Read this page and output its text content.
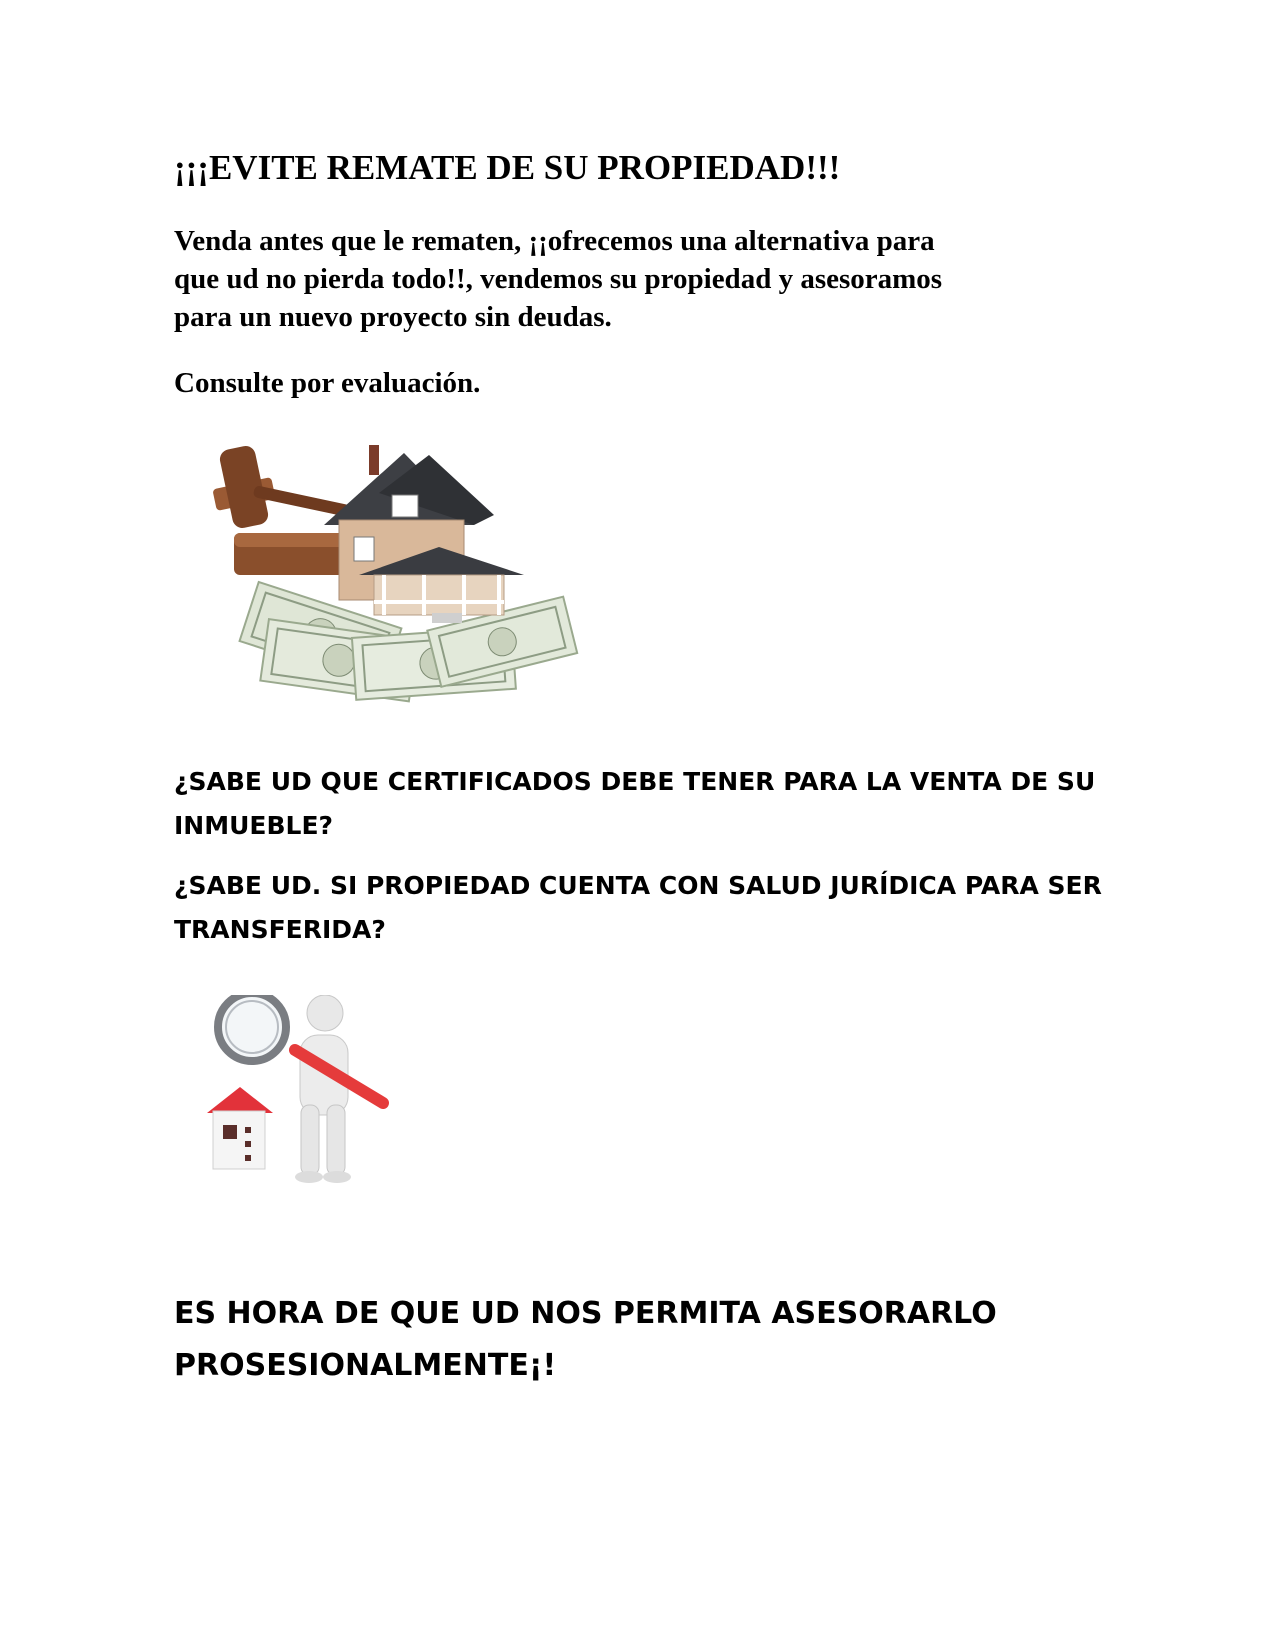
¡¡¡EVITE REMATE DE SU PROPIEDAD!!!
Venda antes que le rematen, ¡¡ofrecemos una alternativa para
que ud no pierda todo!!, vendemos su propiedad y asesoramos
para un nuevo proyecto sin deudas.

Consulte por evaluación.

¿SABE UD QUE CERTIFICADOS DEBE TENER PARA LA VENTA DE SU
INMUEBLE?
¿SABE UD. SI PROPIEDAD CUENTA CON SALUD JURÍDICA PARA SER
TRANSFERIDA?
ES HORA DE QUE UD NOS PERMITA ASESORARLO
PROSESIONALMENTE¡!
